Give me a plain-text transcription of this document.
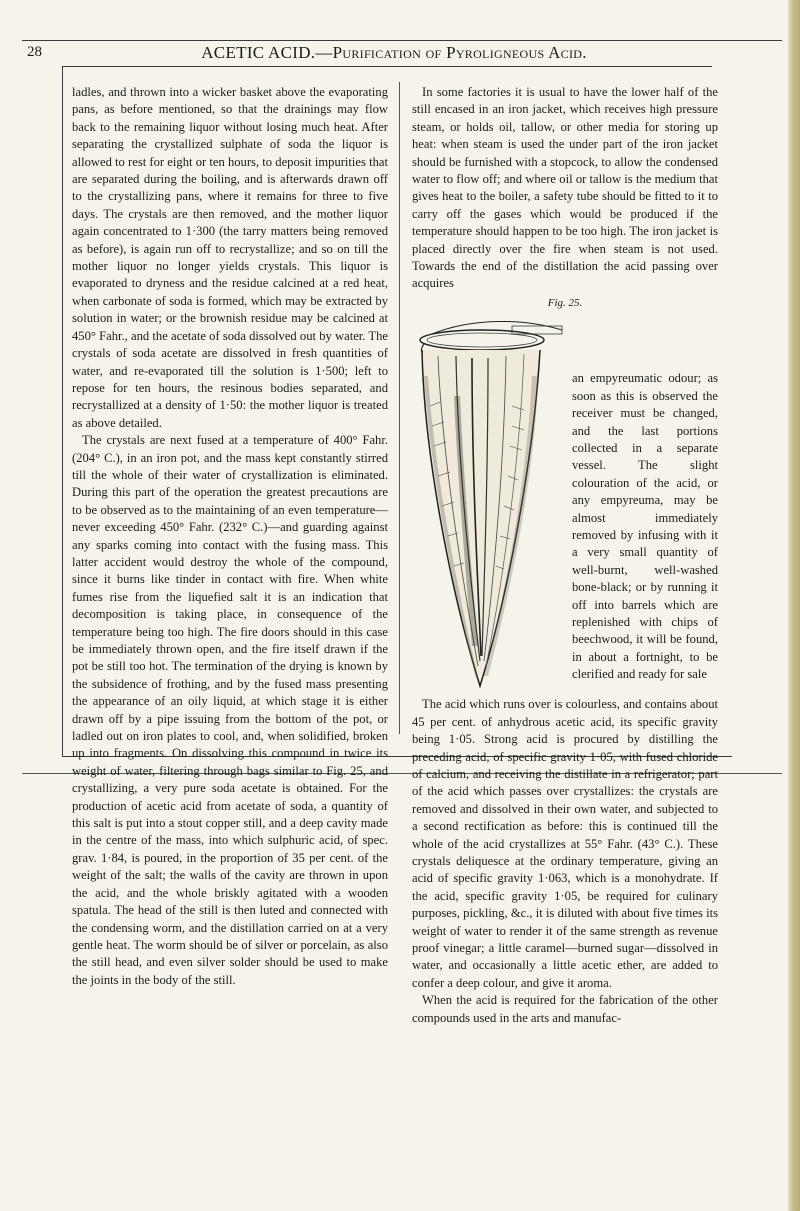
28	ACETIC ACID.—Purification of Pyroligneous Acid.

ladles, and thrown into a wicker basket above the evaporating pans, as before mentioned, so that the drainings may flow back to the remaining liquor without losing much heat. After separating the crystallized sulphate of soda the liquor is allowed to rest for eight or ten hours, to deposit impurities that are separated during the boiling, and is afterwards drawn off to the crystallizing pans, where it remains for three to five days. The crystals are then removed, and the mother liquor again concentrated to 1·300 (the tarry matters being removed as before), is again run off to recrystallize; and so on till the mother liquor no longer yields crystals. This liquor is evaporated to dryness and the residue calcined at a red heat, when carbonate of soda is formed, which may be extracted by solution in water; or the brownish residue may be calcined at 450° Fahr., and the acetate of soda dissolved out by water. The crystals of soda acetate are dissolved in fresh quantities of water, and re-evaporated till the solution is 1·500; left to repose for ten hours, the resinous bodies separated, and recrystallized at a density of 1·50: the mother liquor is treated as above detailed.

The crystals are next fused at a temperature of 400° Fahr. (204° C.), in an iron pot, and the mass kept constantly stirred till the whole of their water of crystallization is eliminated. During this part of the operation the greatest precautions are to be observed as to the maintaining of an even temperature—never exceeding 450° Fahr. (232° C.)—and guarding against any sparks coming into contact with the fusing mass. This latter accident would destroy the whole of the compound, since it burns like tinder in contact with fire. When white fumes rise from the liquefied salt it is an indication that decomposition is taking place, in consequence of the temperature being too high. The fire doors should in this case be immediately thrown open, and the fire itself drawn if the pot be still too hot. The termination of the drying is known by the subsidence of frothing, and by the fused mass presenting the appearance of an oily liquid, at which stage it is either drawn off by a pipe issuing from the bottom of the pot, or ladled out on iron plates to cool, and, when solidified, broken up into fragments. On dissolving this compound in twice its weight of water, filtering through bags similar to Fig. 25, and crystallizing, a very pure soda acetate is obtained. For the production of acetic acid from acetate of soda, a quantity of this salt is put into a stout copper still, and a deep cavity made in the centre of the mass, into which sulphuric acid, of spec. grav. 1·84, is poured, in the proportion of 35 per cent. of the weight of the salt; the walls of the cavity are thrown in upon the acid, and the whole briskly agitated with a wooden spatula. The head of the still is then luted and connected with the condensing worm, and the distillation carried on at a very gentle heat. The worm should be of silver or porcelain, as also the still head, and even silver solder should be used to make the joints in the body of the still.

In some factories it is usual to have the lower half of the still encased in an iron jacket, which receives high pressure steam, or holds oil, tallow, or other media for storing up heat: when steam is used the under part of the iron jacket should be furnished with a stopcock, to allow the condensed water to flow off; and where oil or tallow is the medium that gives heat to the boiler, a safety tube should be fitted to it to carry off the gases which would be produced if the temperature should happen to be too high. The iron jacket is placed directly over the fire when steam is not used. Towards the end of the distillation the acid passing over acquires

Fig. 25.
an empyreumatic odour; as soon as this is observed the receiver must be changed, and the last portions collected in a separate vessel. The slight colouration of the acid, or any empyreuma, may be almost immediately removed by infusing with it a very small quantity of well-burnt, well-washed bone-black; or by running it off into barrels which are replenished with chips of beechwood, it will be found, in about a fortnight, to be clerified and ready for sale

The acid which runs over is colourless, and contains about 45 per cent. of anhydrous acetic acid, its specific gravity being 1·05. Strong acid is procured by distilling the preceding acid, of specific gravity 1·05, with fused chloride of calcium, and receiving the distillate in a refrigerator; part of the acid which passes over crystallizes: the crystals are removed and dissolved in their own water, and subjected to a second rectification as before: this is continued till the whole of the acid crystallizes at 55° Fahr. (43° C.). These crystals deliquesce at the ordinary temperature, giving an acid of specific gravity 1·063, which is a monohydrate. If the acid, specific gravity 1·05, be required for culinary purposes, pickling, &c., it is diluted with about five times its weight of water to render it of the same strength as revenue proof vinegar; a little caramel—burned sugar—dissolved in water, and occasionally a little acetic ether, are added to confer a deep colour, and give it aroma.

When the acid is required for the fabrication of the other compounds used in the arts and manufac-
